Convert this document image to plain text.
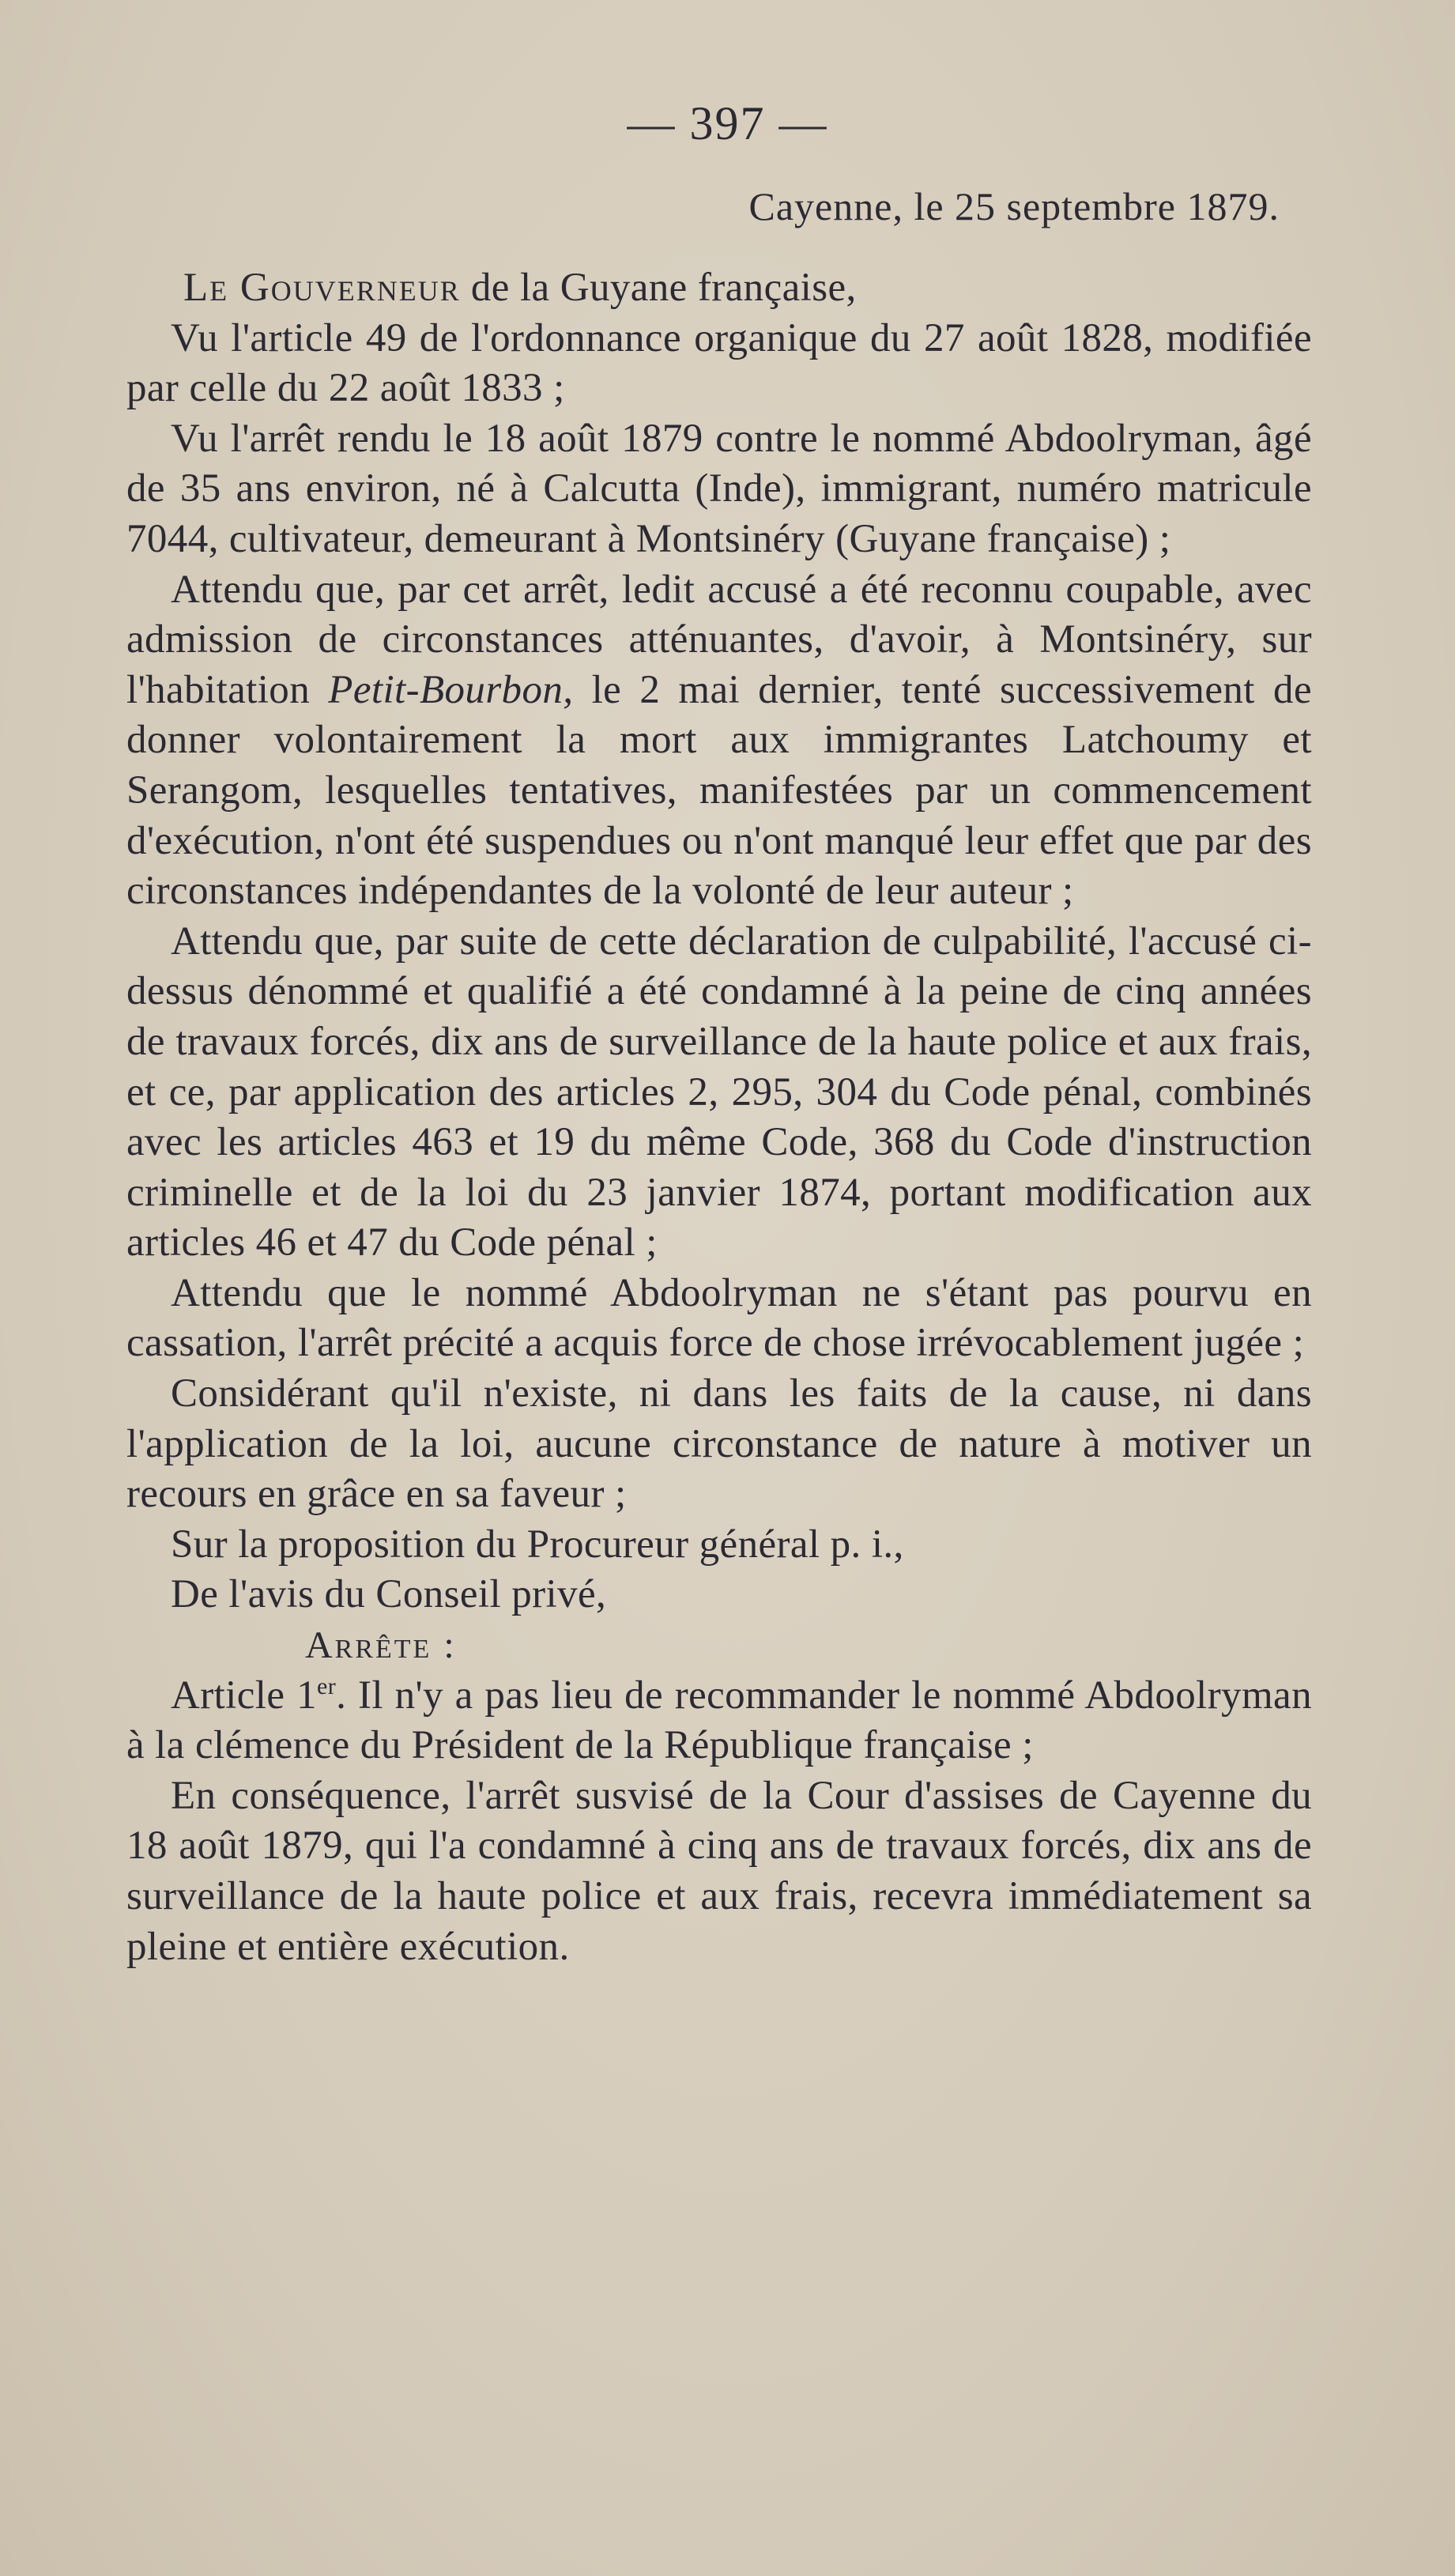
— 397 —
Cayenne, le 25 septembre 1879.

Le Gouverneur de la Guyane française,

Vu l'article 49 de l'ordonnance organique du 27 août 1828, modifiée par celle du 22 août 1833 ;

Vu l'arrêt rendu le 18 août 1879 contre le nommé Abdoolryman, âgé de 35 ans environ, né à Calcutta (Inde), immigrant, numéro matricule 7044, cultivateur, demeurant à Montsinéry (Guyane française) ;

Attendu que, par cet arrêt, ledit accusé a été reconnu coupable, avec admission de circonstances atténuantes, d'avoir, à Montsinéry, sur l'habitation Petit-Bourbon, le 2 mai dernier, tenté successivement de donner volontairement la mort aux immigrantes Latchoumy et Serangom, lesquelles tentatives, manifestées par un commencement d'exécution, n'ont été suspendues ou n'ont manqué leur effet que par des circonstances indépendantes de la volonté de leur auteur ;

Attendu que, par suite de cette déclaration de culpabilité, l'accusé ci-dessus dénommé et qualifié a été condamné à la peine de cinq années de travaux forcés, dix ans de surveillance de la haute police et aux frais, et ce, par application des articles 2, 295, 304 du Code pénal, combinés avec les articles 463 et 19 du même Code, 368 du Code d'instruction criminelle et de la loi du 23 janvier 1874, portant modification aux articles 46 et 47 du Code pénal ;

Attendu que le nommé Abdoolryman ne s'étant pas pourvu en cassation, l'arrêt précité a acquis force de chose irrévocablement jugée ;

Considérant qu'il n'existe, ni dans les faits de la cause, ni dans l'application de la loi, aucune circonstance de nature à motiver un recours en grâce en sa faveur ;

Sur la proposition du Procureur général p. i.,

De l'avis du Conseil privé,

Arrête :

Article 1er. Il n'y a pas lieu de recommander le nommé Abdoolryman à la clémence du Président de la République française ;

En conséquence, l'arrêt susvisé de la Cour d'assises de Cayenne du 18 août 1879, qui l'a condamné à cinq ans de travaux forcés, dix ans de surveillance de la haute police et aux frais, recevra immédiatement sa pleine et entière exécution.
